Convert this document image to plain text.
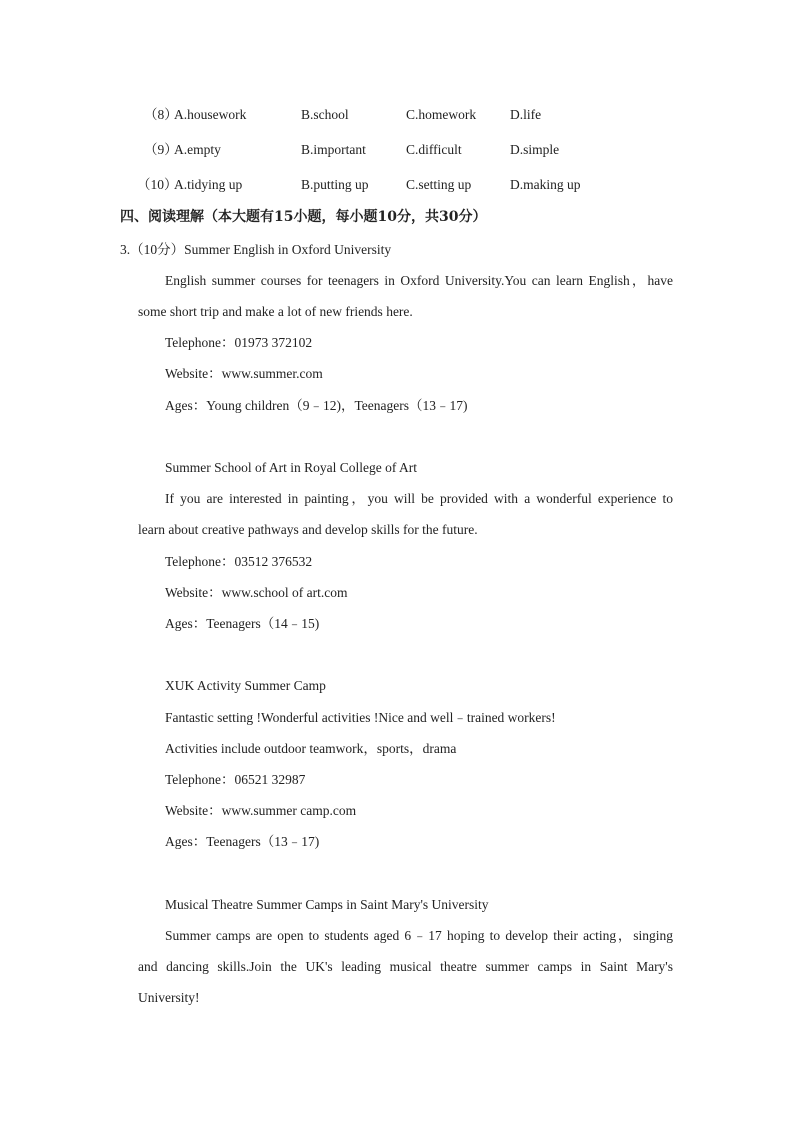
（8）
A.housework	B.school	C.homework	D.life
（9）
A.empty	B.important	C.difficult	D.simple
（10）
A.tidying up	B.putting up	C.setting up	D.making up
四、阅读理解（本大题有15小题，每小题10分，共30分）
3.（10分）Summer English in Oxford University
English summer courses for teenagers in Oxford University.You can learn English，have
some short trip and make a lot of new friends here.
Telephone：01973 372102
Website：www.summer.com
Ages：Young children（9﹣12)，Teenagers（13﹣17)
Summer School of Art in Royal College of Art
If you are interested in painting，you will be provided with a wonderful experience to
learn about creative pathways and develop skills for the future.
Telephone：03512 376532
Website：www.school of art.com
Ages：Teenagers（14﹣15)
XUK Activity Summer Camp
Fantastic setting !Wonderful activities !Nice and well﹣trained workers!
Activities include outdoor teamwork，sports，drama
Telephone：06521 32987
Website：www.summer camp.com
Ages：Teenagers（13﹣17)
Musical Theatre Summer Camps in Saint Mary's University
Summer camps are open to students aged 6﹣17 hoping to develop their acting，singing
and dancing skills.Join the UK's leading musical theatre summer camps in Saint Mary's
University!
